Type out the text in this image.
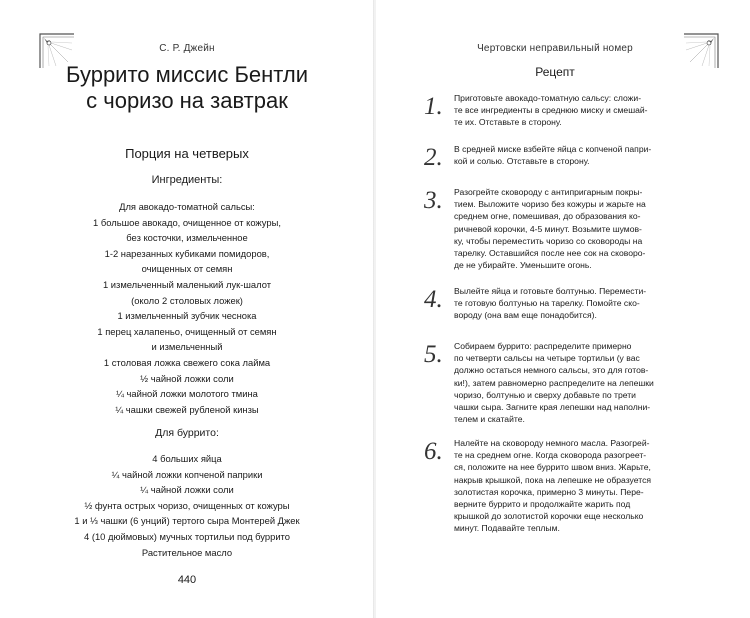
С. Р. Джейн
Буррито миссис Бентли
с чоризо на завтрак
Порция на четверых
Ингредиенты:
Для авокадо-томатной сальсы:
1 большое авокадо, очищенное от кожуры,
без косточки, измельченное
1-2 нарезанных кубиками помидоров,
очищенных от семян
1 измельченный маленький лук-шалот
(около 2 столовых ложек)
1 измельченный зубчик чеснока
1 перец халапеньо, очищенный от семян
и измельченный
1 столовая ложка свежего сока лайма
½ чайной ложки соли
¼ чайной ложки молотого тмина
¼ чашки свежей рубленой кинзы
Для буррито:
4 больших яйца
¼ чайной ложки копченой паприки
¼ чайной ложки соли
½ фунта острых чоризо, очищенных от кожуры
1 и ⅓ чашки (6 унций) тертого сыра Монтерей Джек
4 (10 дюймовых) мучных тортильи под буррито
Растительное масло
440
Чертовски неправильный номер
Рецепт
1.	Приготовьте авокадо-томатную сальсу: сложи-
те все ингредиенты в среднюю миску и смешай-
те их. Отставьте в сторону.
2.	В средней миске взбейте яйца с копченой папри-
кой и солью. Отставьте в сторону.
3.	Разогрейте сковороду с антипригарным покры-
тием. Выложите чоризо без кожуры и жарьте на
среднем огне, помешивая, до образования ко-
ричневой корочки, 4-5 минут. Возьмите шумов-
ку, чтобы переместить чоризо со сковороды на
тарелку. Оставшийся после нее сок на сковоро-
де не убирайте. Уменьшите огонь.
4.	Вылейте яйца и готовьте болтунью. Перемести-
те готовую болтунью на тарелку. Помойте ско-
вороду (она вам еще понадобится).
5.	Собираем буррито: распределите примерно
по четверти сальсы на четыре тортильи (у вас
должно остаться немного сальсы, это для готов-
ки!), затем равномерно распределите на лепешки
чоризо, болтунью и сверху добавьте по трети
чашки сыра. Загните края лепешки над наполни-
телем и скатайте.
6.	Налейте на сковороду немного масла. Разогрей-
те на среднем огне. Когда сковорода разогреет-
ся, положите на нее буррито швом вниз. Жарьте,
накрыв крышкой, пока на лепешке не образуется
золотистая корочка, примерно 3 минуты. Пере-
верните буррито и продолжайте жарить под
крышкой до золотистой корочки еще несколько
минут. Подавайте теплым.
